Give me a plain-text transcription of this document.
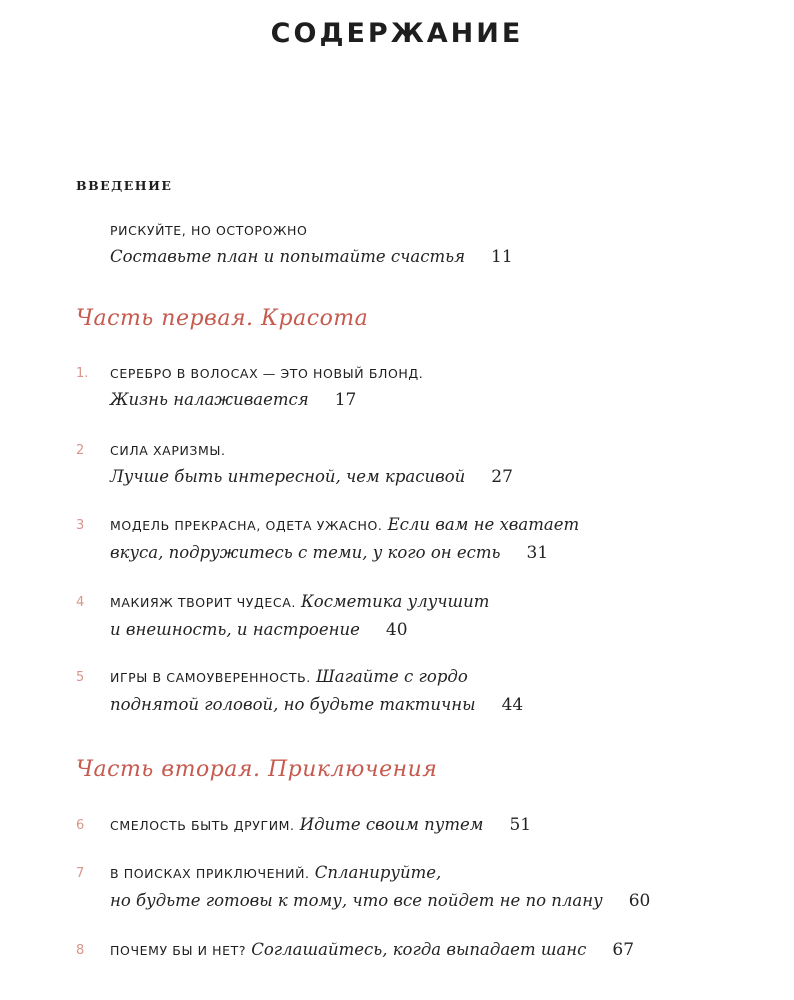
СОДЕРЖАНИЕ
ВВЕДЕНИЕ
РИСКУЙТЕ, НО ОСТОРОЖНО
Составьте план и попытайте счастья 11
Часть первая. Красота
1.	СЕРЕБРО В ВОЛОСАХ — ЭТО НОВЫЙ БЛОНД.
Жизнь налаживается 17
2	СИЛА ХАРИЗМЫ.
Лучше быть интересной, чем красивой 27
3	МОДЕЛЬ ПРЕКРАСНА, ОДЕТА УЖАСНО. Если вам не хватает
вкуса, подружитесь с теми, у кого он есть 31
4	МАКИЯЖ ТВОРИТ ЧУДЕСА. Косметика улучшит
и внешность, и настроение 40
5	ИГРЫ В САМОУВЕРЕННОСТЬ. Шагайте с гордо
поднятой головой, но будьте тактичны 44
Часть вторая. Приключения
6	СМЕЛОСТЬ БЫТЬ ДРУГИМ. Идите своим путем 51
7	В ПОИСКАХ ПРИКЛЮЧЕНИЙ. Спланируйте,
но будьте готовы к тому, что все пойдет не по плану 60
8	ПОЧЕМУ БЫ И НЕТ? Соглашайтесь, когда выпадает шанс 67
